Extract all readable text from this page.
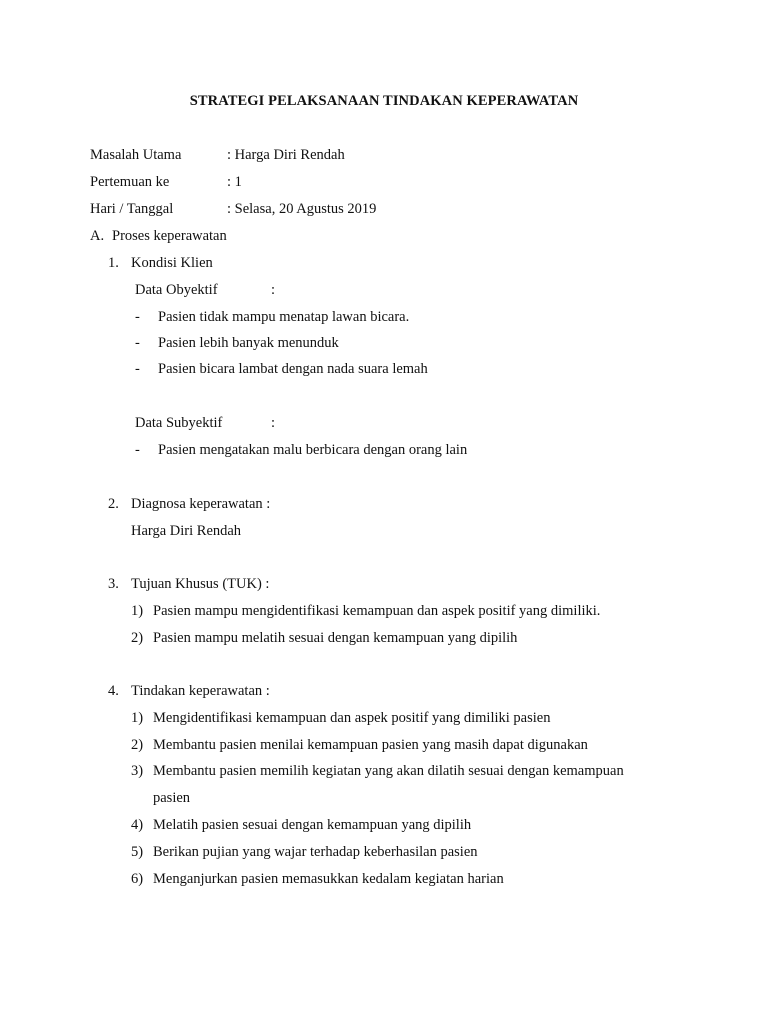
STRATEGI PELAKSANAAN TINDAKAN KEPERAWATAN
Masalah Utama	: Harga Diri Rendah
Pertemuan ke	: 1
Hari / Tanggal	: Selasa, 20 Agustus 2019
A. Proses keperawatan
1. Kondisi Klien
Data Obyektif	:
- Pasien tidak mampu menatap lawan bicara.
- Pasien lebih banyak menunduk
- Pasien bicara lambat dengan nada suara lemah
Data Subyektif	:
- Pasien mengatakan malu berbicara dengan orang lain
2. Diagnosa keperawatan :
Harga Diri Rendah
3. Tujuan Khusus (TUK) :
1) Pasien mampu mengidentifikasi kemampuan dan aspek positif yang dimiliki.
2) Pasien mampu melatih sesuai dengan kemampuan yang dipilih
4. Tindakan keperawatan :
1) Mengidentifikasi kemampuan dan aspek positif yang dimiliki pasien
2) Membantu pasien menilai kemampuan pasien yang masih dapat digunakan
3) Membantu pasien memilih kegiatan yang akan dilatih sesuai dengan kemampuan
pasien
4) Melatih pasien sesuai dengan kemampuan yang dipilih
5) Berikan pujian yang wajar terhadap keberhasilan pasien
6) Menganjurkan pasien memasukkan kedalam kegiatan harian
